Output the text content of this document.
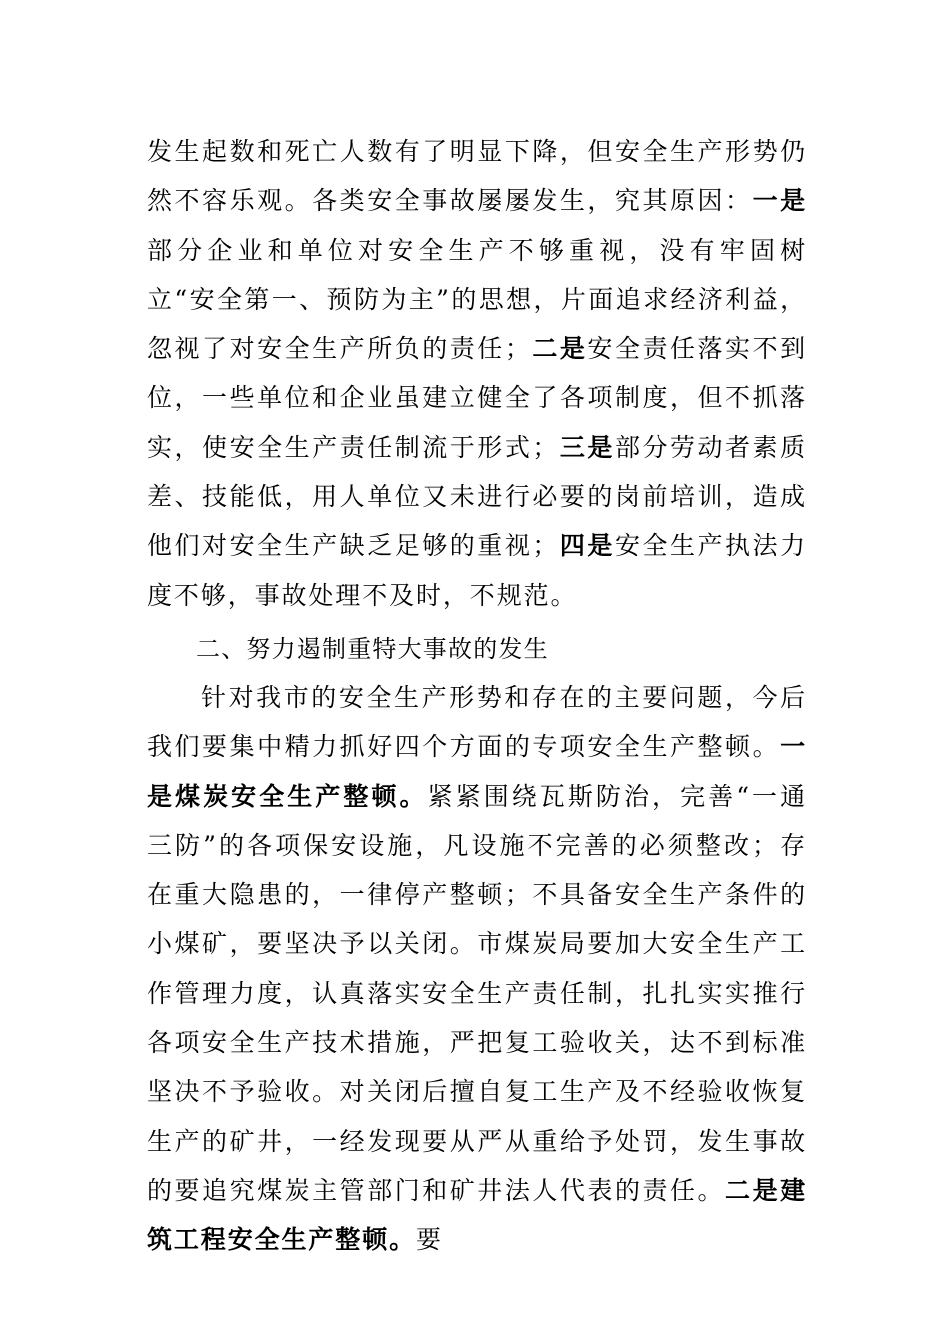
发生起数和死亡人数有了明显下降，但安全生产形势仍然不容乐观。各类安全事故屡屡发生，究其原因：一是部分企业和单位对安全生产不够重视，没有牢固树立“安全第一、预防为主”的思想，片面追求经济利益，忽视了对安全生产所负的责任；二是安全责任落实不到位，一些单位和企业虽建立健全了各项制度，但不抓落实，使安全生产责任制流于形式；三是部分劳动者素质差、技能低，用人单位又未进行必要的岗前培训，造成他们对安全生产缺乏足够的重视；四是安全生产执法力度不够，事故处理不及时，不规范。

二、努力遏制重特大事故的发生

针对我市的安全生产形势和存在的主要问题，今后我们要集中精力抓好四个方面的专项安全生产整顿。一是煤炭安全生产整顿。紧紧围绕瓦斯防治，完善“一通三防”的各项保安设施，凡设施不完善的必须整改；存在重大隐患的，一律停产整顿；不具备安全生产条件的小煤矿，要坚决予以关闭。市煤炭局要加大安全生产工作管理力度，认真落实安全生产责任制，扎扎实实推行各项安全生产技术措施，严把复工验收关，达不到标准坚决不予验收。对关闭后擅自复工生产及不经验收恢复生产的矿井，一经发现要从严从重给予处罚，发生事故的要追究煤炭主管部门和矿井法人代表的责任。二是建筑工程安全生产整顿。要
